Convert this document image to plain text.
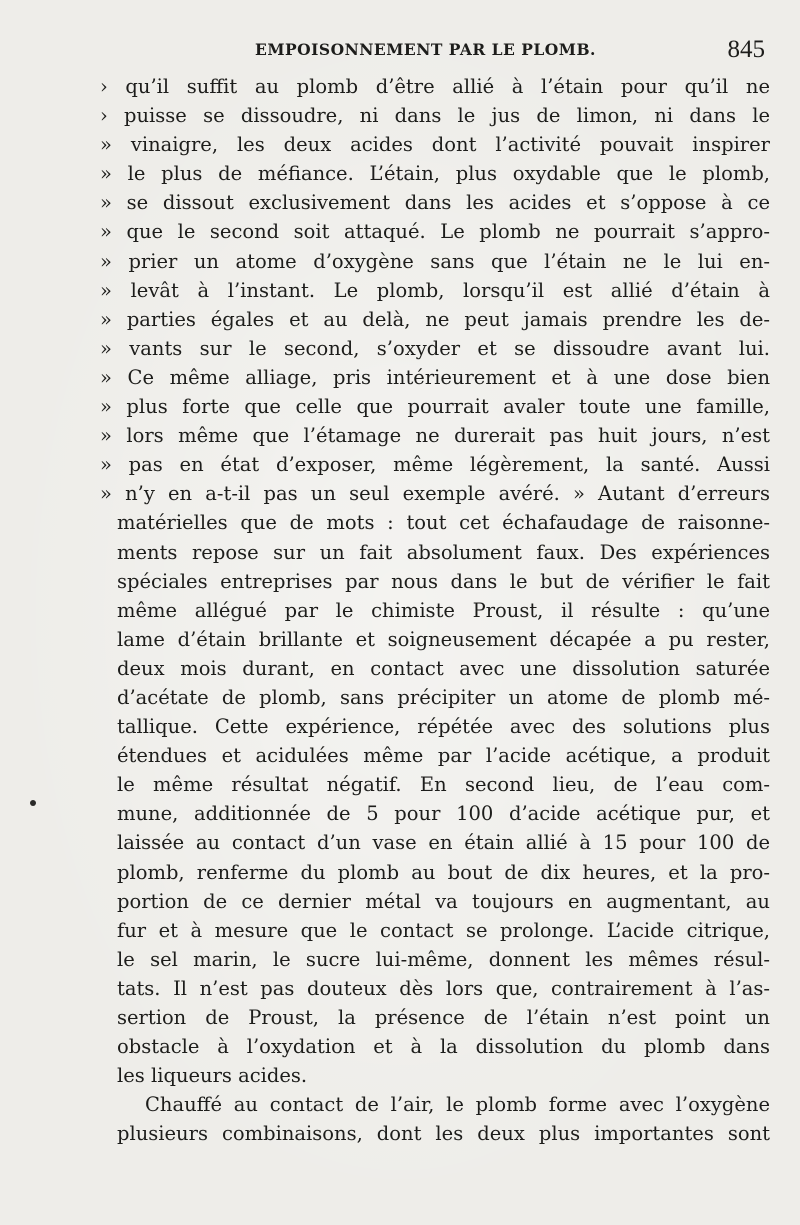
EMPOISONNEMENT PAR LE PLOMB.	845
› qu’il suffit au plomb d’être allié à l’étain pour qu’il ne
› puisse se dissoudre, ni dans le jus de limon, ni dans le
» vinaigre, les deux acides dont l’activité pouvait inspirer
» le plus de méfiance. L’étain, plus oxydable que le plomb,
» se dissout exclusivement dans les acides et s’oppose à ce
» que le second soit attaqué. Le plomb ne pourrait s’appro-
» prier un atome d’oxygène sans que l’étain ne le lui en-
» levât à l’instant. Le plomb, lorsqu’il est allié d’étain à
» parties égales et au delà, ne peut jamais prendre les de-
» vants sur le second, s’oxyder et se dissoudre avant lui.
» Ce même alliage, pris intérieurement et à une dose bien
» plus forte que celle que pourrait avaler toute une famille,
» lors même que l’étamage ne durerait pas huit jours, n’est
» pas en état d’exposer, même légèrement, la santé. Aussi
» n’y en a-t-il pas un seul exemple avéré. » Autant d’erreurs
matérielles que de mots : tout cet échafaudage de raisonne-
ments repose sur un fait absolument faux. Des expériences
spéciales entreprises par nous dans le but de vérifier le fait
même allégué par le chimiste Proust, il résulte : qu’une
lame d’étain brillante et soigneusement décapée a pu rester,
deux mois durant, en contact avec une dissolution saturée
d’acétate de plomb, sans précipiter un atome de plomb mé-
tallique. Cette expérience, répétée avec des solutions plus
étendues et acidulées même par l’acide acétique, a produit
le même résultat négatif. En second lieu, de l’eau com-
mune, additionnée de 5 pour 100 d’acide acétique pur, et
laissée au contact d’un vase en étain allié à 15 pour 100 de
plomb, renferme du plomb au bout de dix heures, et la pro-
portion de ce dernier métal va toujours en augmentant, au
fur et à mesure que le contact se prolonge. L’acide citrique,
le sel marin, le sucre lui-même, donnent les mêmes résul-
tats. Il n’est pas douteux dès lors que, contrairement à l’as-
sertion de Proust, la présence de l’étain n’est point un
obstacle à l’oxydation et à la dissolution du plomb dans
les liqueurs acides.
Chauffé au contact de l’air, le plomb forme avec l’oxygène
plusieurs combinaisons, dont les deux plus importantes sont
